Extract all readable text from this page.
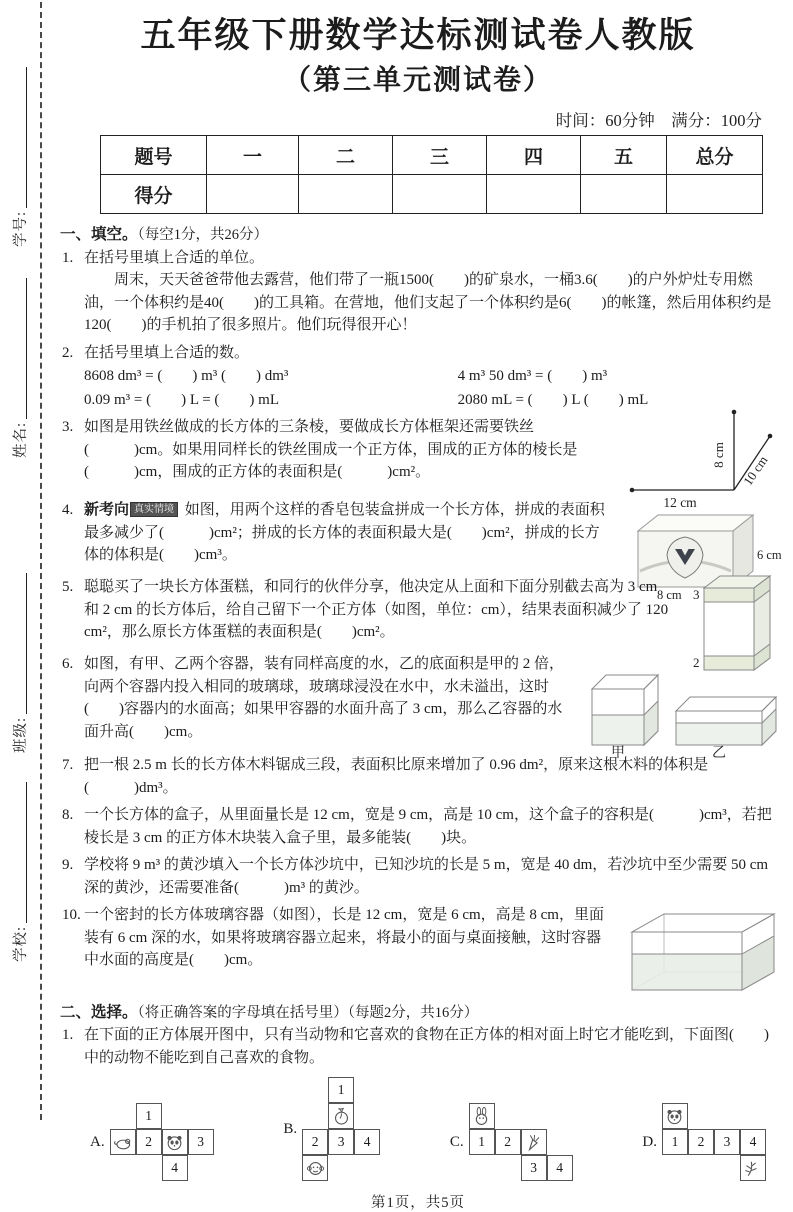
学号:
姓名:
班级:
学校:
五年级下册数学达标测试卷人教版
（第三单元测试卷）
时间：60分钟　满分：100分
题号	一	二	三	四	五	总分
得分						
一、填空。（每空1分，共26分）
1. 在括号里填上合适的单位。
周末，天天爸爸带他去露营，他们带了一瓶1500(　　)的矿泉水，一桶3.6(　　)的户外炉灶专用燃油，一个体积约是40(　　)的工具箱。在营地，他们支起了一个体积约是6(　　)的帐篷，然后用体积约是120(　　)的手机拍了很多照片。他们玩得很开心！
2. 在括号里填上合适的数。
8608 dm³ = (　　) m³ (　　) dm³	4 m³ 50 dm³ = (　　) m³
0.09 m³ = (　　) L = (　　) mL	2080 mL = (　　) L (　　) mL
3. 如图是用铁丝做成的长方体的三条棱，要做成长方体框架还需要铁丝(　　　)cm。如果用同样长的铁丝围成一个正方体，围成的正方体的棱长是(　　　)cm，围成的正方体的表面积是(　　　)cm²。
12 cm
8 cm 10 cm
4. 新考向 真实情境 如图，用两个这样的香皂包装盒拼成一个长方体，拼成的表面积最多减少了(　　　)cm²；拼成的长方体的表面积最大是(　　)cm²，拼成的长方体的体积是(　　)cm³。	6 cm
8 cm
5. 聪聪买了一块长方体蛋糕，和同行的伙伴分享，他决定从上面和下面分别截去高为 3 cm 和 2 cm 的长方体后，给自己留下一个正方体（如图，单位：cm），结果表面积减少了 120 cm²，那么原长方体蛋糕的表面积是(　　)cm²。
3
2
6. 如图，有甲、乙两个容器，装有同样高度的水，乙的底面积是甲的 2 倍，向两个容器内投入相同的玻璃球，玻璃球浸没在水中，水未溢出，这时(　　)容器内的水面高；如果甲容器的水面升高了 3 cm，那么乙容器的水面升高(　　)cm。
甲	乙
7. 把一根 2.5 m 长的长方体木料锯成三段，表面积比原来增加了 0.96 dm²，原来这根木料的体积是(　　　)dm³。
8. 一个长方体的盒子，从里面量长是 12 cm，宽是 9 cm，高是 10 cm，这个盒子的容积是(　　　)cm³，若把棱长是 3 cm 的正方体木块装入盒子里，最多能装(　　)块。
9. 学校将 9 m³ 的黄沙填入一个长方体沙坑中，已知沙坑的长是 5 m，宽是 40 dm，若沙坑中至少需要 50 cm 深的黄沙，还需要准备(　　　)m³ 的黄沙。
10. 一个密封的长方体玻璃容器（如图），长是 12 cm，宽是 6 cm，高是 8 cm，里面装有 6 cm 深的水，如果将玻璃容器立起来，将最小的面与桌面接触，这时容器中水面的高度是(　　)cm。
二、选择。（将正确答案的字母填在括号里）（每题2分，共16分）
1. 在下面的正方体展开图中，只有当动物和它喜欢的食物在正方体的相对面上时它才能吃到，下面图(　　)中的动物不能吃到自己喜欢的食物。
A.
1
2	3
4
B.
1
2	3	4	C.	1	2
3	4
D.	1	2	3	4
第1页，共5页
